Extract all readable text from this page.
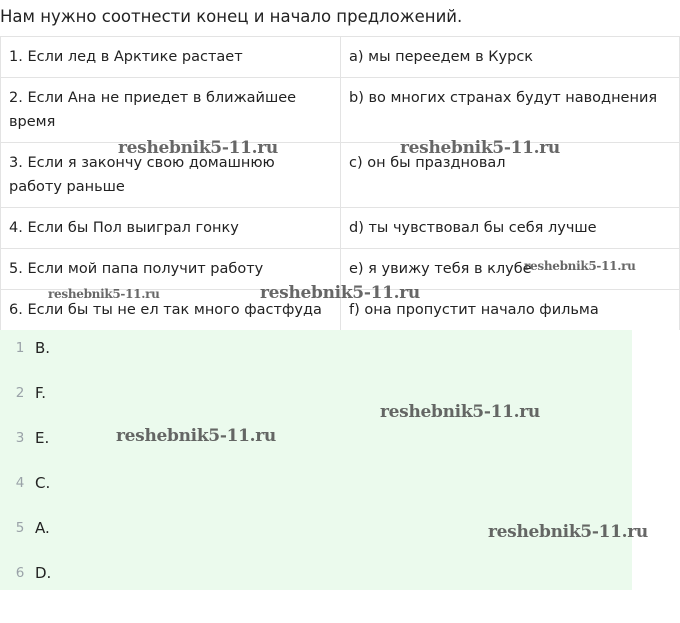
Нам нужно соотнести конец и начало предложений.
1. Если лед в Арктике растает	a) мы переедем в Курск
2. Если Ана не приедет в ближайшее время	b) во многих странах будут наводнения
3. Если я закончу свою домашнюю работу раньше	c) он бы праздновал
4. Если бы Пол выиграл гонку	d) ты чувствовал бы себя лучше
5. Если мой папа получит работу	e) я увижу тебя в клубе
6. Если бы ты не ел так много фастфуда	f) она пропустит начало фильма
1 B.
2 F.
3 E.
4 C.
5 A.
6 D.
reshebnik5-11.ru	reshebnik5-11.ru
reshebnik5-11.ru
reshebnik5-11.ru	reshebnik5-11.ru
reshebnik5-11.ru
reshebnik5-11.ru
reshebnik5-11.ru
